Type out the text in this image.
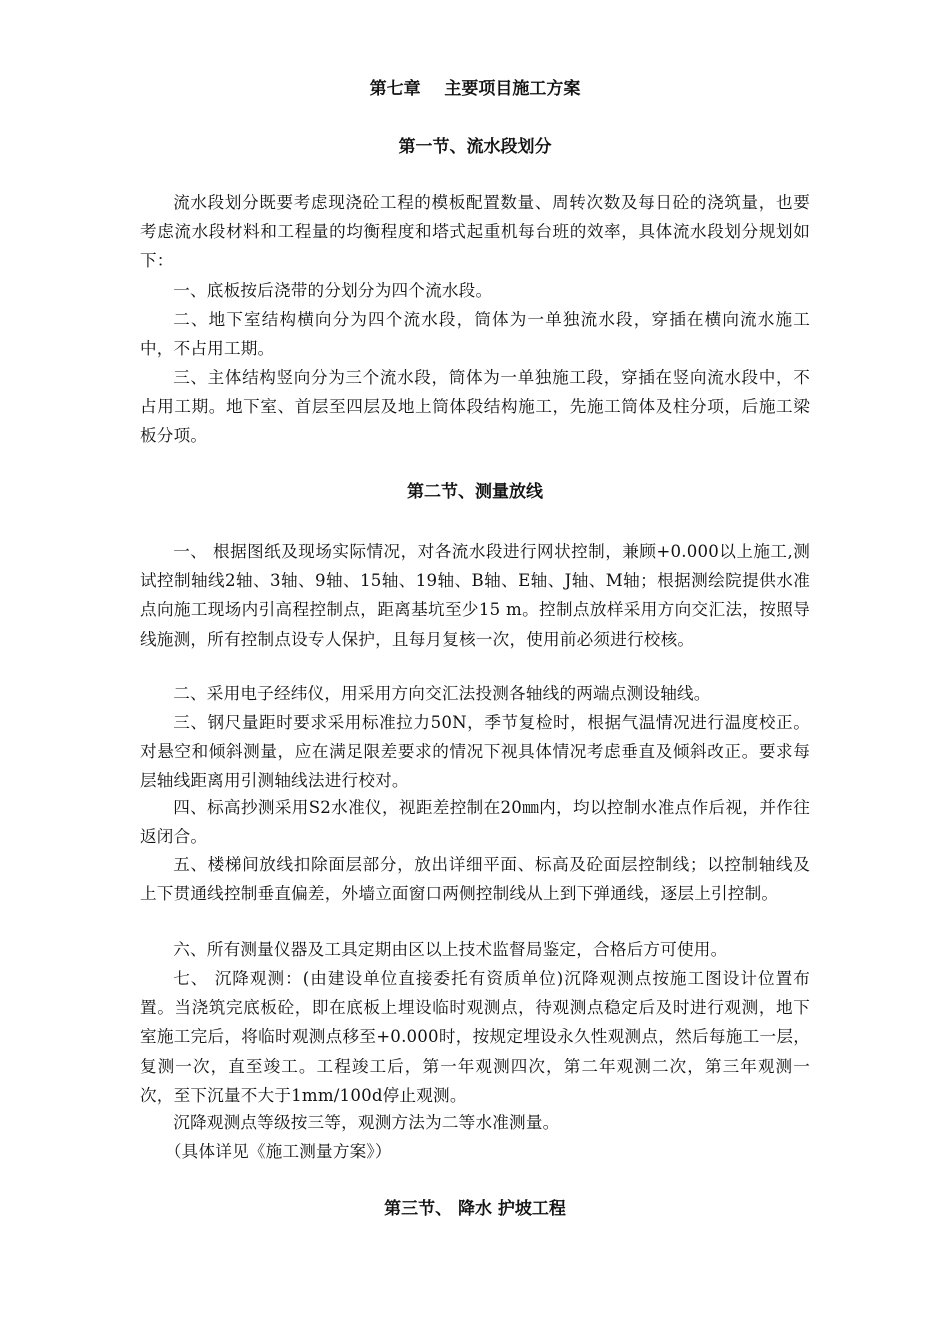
第七章    主要项目施工方案
第一节、流水段划分

流水段划分既要考虑现浇砼工程的模板配置数量、周转次数及每日砼的浇筑量，也要考虑流水段材料和工程量的均衡程度和塔式起重机每台班的效率，具体流水段划分规划如下：

一、底板按后浇带的分划分为四个流水段。

二、地下室结构横向分为四个流水段，筒体为一单独流水段，穿插在横向流水施工中，不占用工期。

三、主体结构竖向分为三个流水段，筒体为一单独施工段，穿插在竖向流水段中，不占用工期。地下室、首层至四层及地上筒体段结构施工，先施工筒体及柱分项，后施工梁板分项。

第二节、测量放线

一、 根据图纸及现场实际情况，对各流水段进行网状控制，兼顾+0.000以上施工,测试控制轴线2轴、3轴、9轴、15轴、19轴、B轴、E轴、J轴、M轴；根据测绘院提供水准点向施工现场内引高程控制点，距离基坑至少15 m。控制点放样采用方向交汇法，按照导线施测，所有控制点设专人保护，且每月复核一次，使用前必须进行校核。

二、采用电子经纬仪，用采用方向交汇法投测各轴线的两端点测设轴线。

三、钢尺量距时要求采用标准拉力50N，季节复检时，根据气温情况进行温度校正。对悬空和倾斜测量，应在满足限差要求的情况下视具体情况考虑垂直及倾斜改正。要求每层轴线距离用引测轴线法进行校对。

四、标高抄测采用S2水准仪，视距差控制在20㎜内，均以控制水准点作后视，并作往返闭合。

五、楼梯间放线扣除面层部分，放出详细平面、标高及砼面层控制线；以控制轴线及上下贯通线控制垂直偏差，外墙立面窗口两侧控制线从上到下弹通线，逐层上引控制。

六、所有测量仪器及工具定期由区以上技术监督局鉴定，合格后方可使用。

七、 沉降观测：(由建设单位直接委托有资质单位)沉降观测点按施工图设计位置布置。当浇筑完底板砼，即在底板上埋设临时观测点，待观测点稳定后及时进行观测，地下室施工完后，将临时观测点移至+0.000时，按规定埋设永久性观测点，然后每施工一层，复测一次，直至竣工。工程竣工后，第一年观测四次，第二年观测二次，第三年观测一次，至下沉量不大于1mm/100d停止观测。

沉降观测点等级按三等，观测方法为二等水准测量。

（具体详见《施工测量方案》）

第三节、 降水 护坡工程
